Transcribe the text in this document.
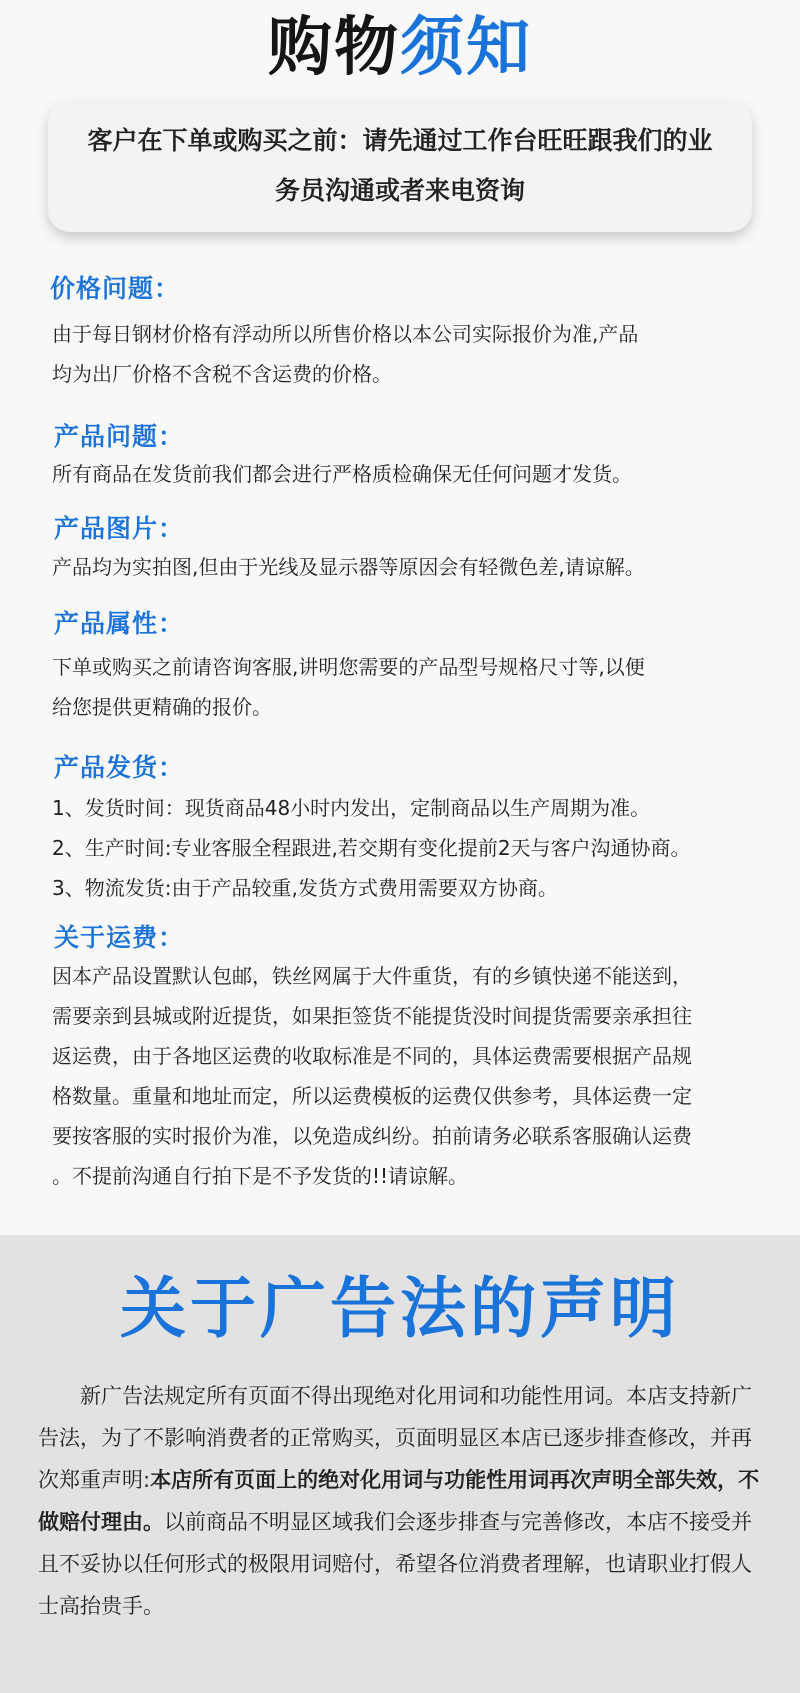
购物须知
客户在下单或购买之前：请先通过工作台旺旺跟我们的业务员沟通或者来电资询
价格问题：
由于每日钢材价格有浮动所以所售价格以本公司实际报价为准,产品
均为出厂价格不含税不含运费的价格。
产品问题：
所有商品在发货前我们都会进行严格质检确保无任何问题才发货。
产品图片：
产品均为实拍图,但由于光线及显示器等原因会有轻微色差,请谅解。
产品属性：
下单或购买之前请咨询客服,讲明您需要的产品型号规格尺寸等,以便
给您提供更精确的报价。
产品发货：
1、发货时间：现货商品48小时内发出，定制商品以生产周期为准。
2、生产时间:专业客服全程跟进,若交期有变化提前2天与客户沟通协商。
3、物流发货:由于产品较重,发货方式费用需要双方协商。
关于运费：
因本产品设置默认包邮，铁丝网属于大件重货，有的乡镇快递不能送到，
需要亲到县城或附近提货，如果拒签货不能提货没时间提货需要亲承担往
返运费，由于各地区运费的收取标准是不同的，具体运费需要根据产品规
格数量。重量和地址而定，所以运费模板的运费仅供参考，具体运费一定
要按客服的实时报价为准，以免造成纠纷。拍前请务必联系客服确认运费
。不提前沟通自行拍下是不予发货的!!请谅解。
关于广告法的声明
新广告法规定所有页面不得出现绝对化用词和功能性用词。本店支持新广告法，为了不影响消费者的正常购买，页面明显区本店已逐步排查修改，并再次郑重声明:本店所有页面上的绝对化用词与功能性用词再次声明全部失效，不做赔付理由。以前商品不明显区域我们会逐步排查与完善修改，本店不接受并且不妥协以任何形式的极限用词赔付，希望各位消费者理解，也请职业打假人士高抬贵手。
